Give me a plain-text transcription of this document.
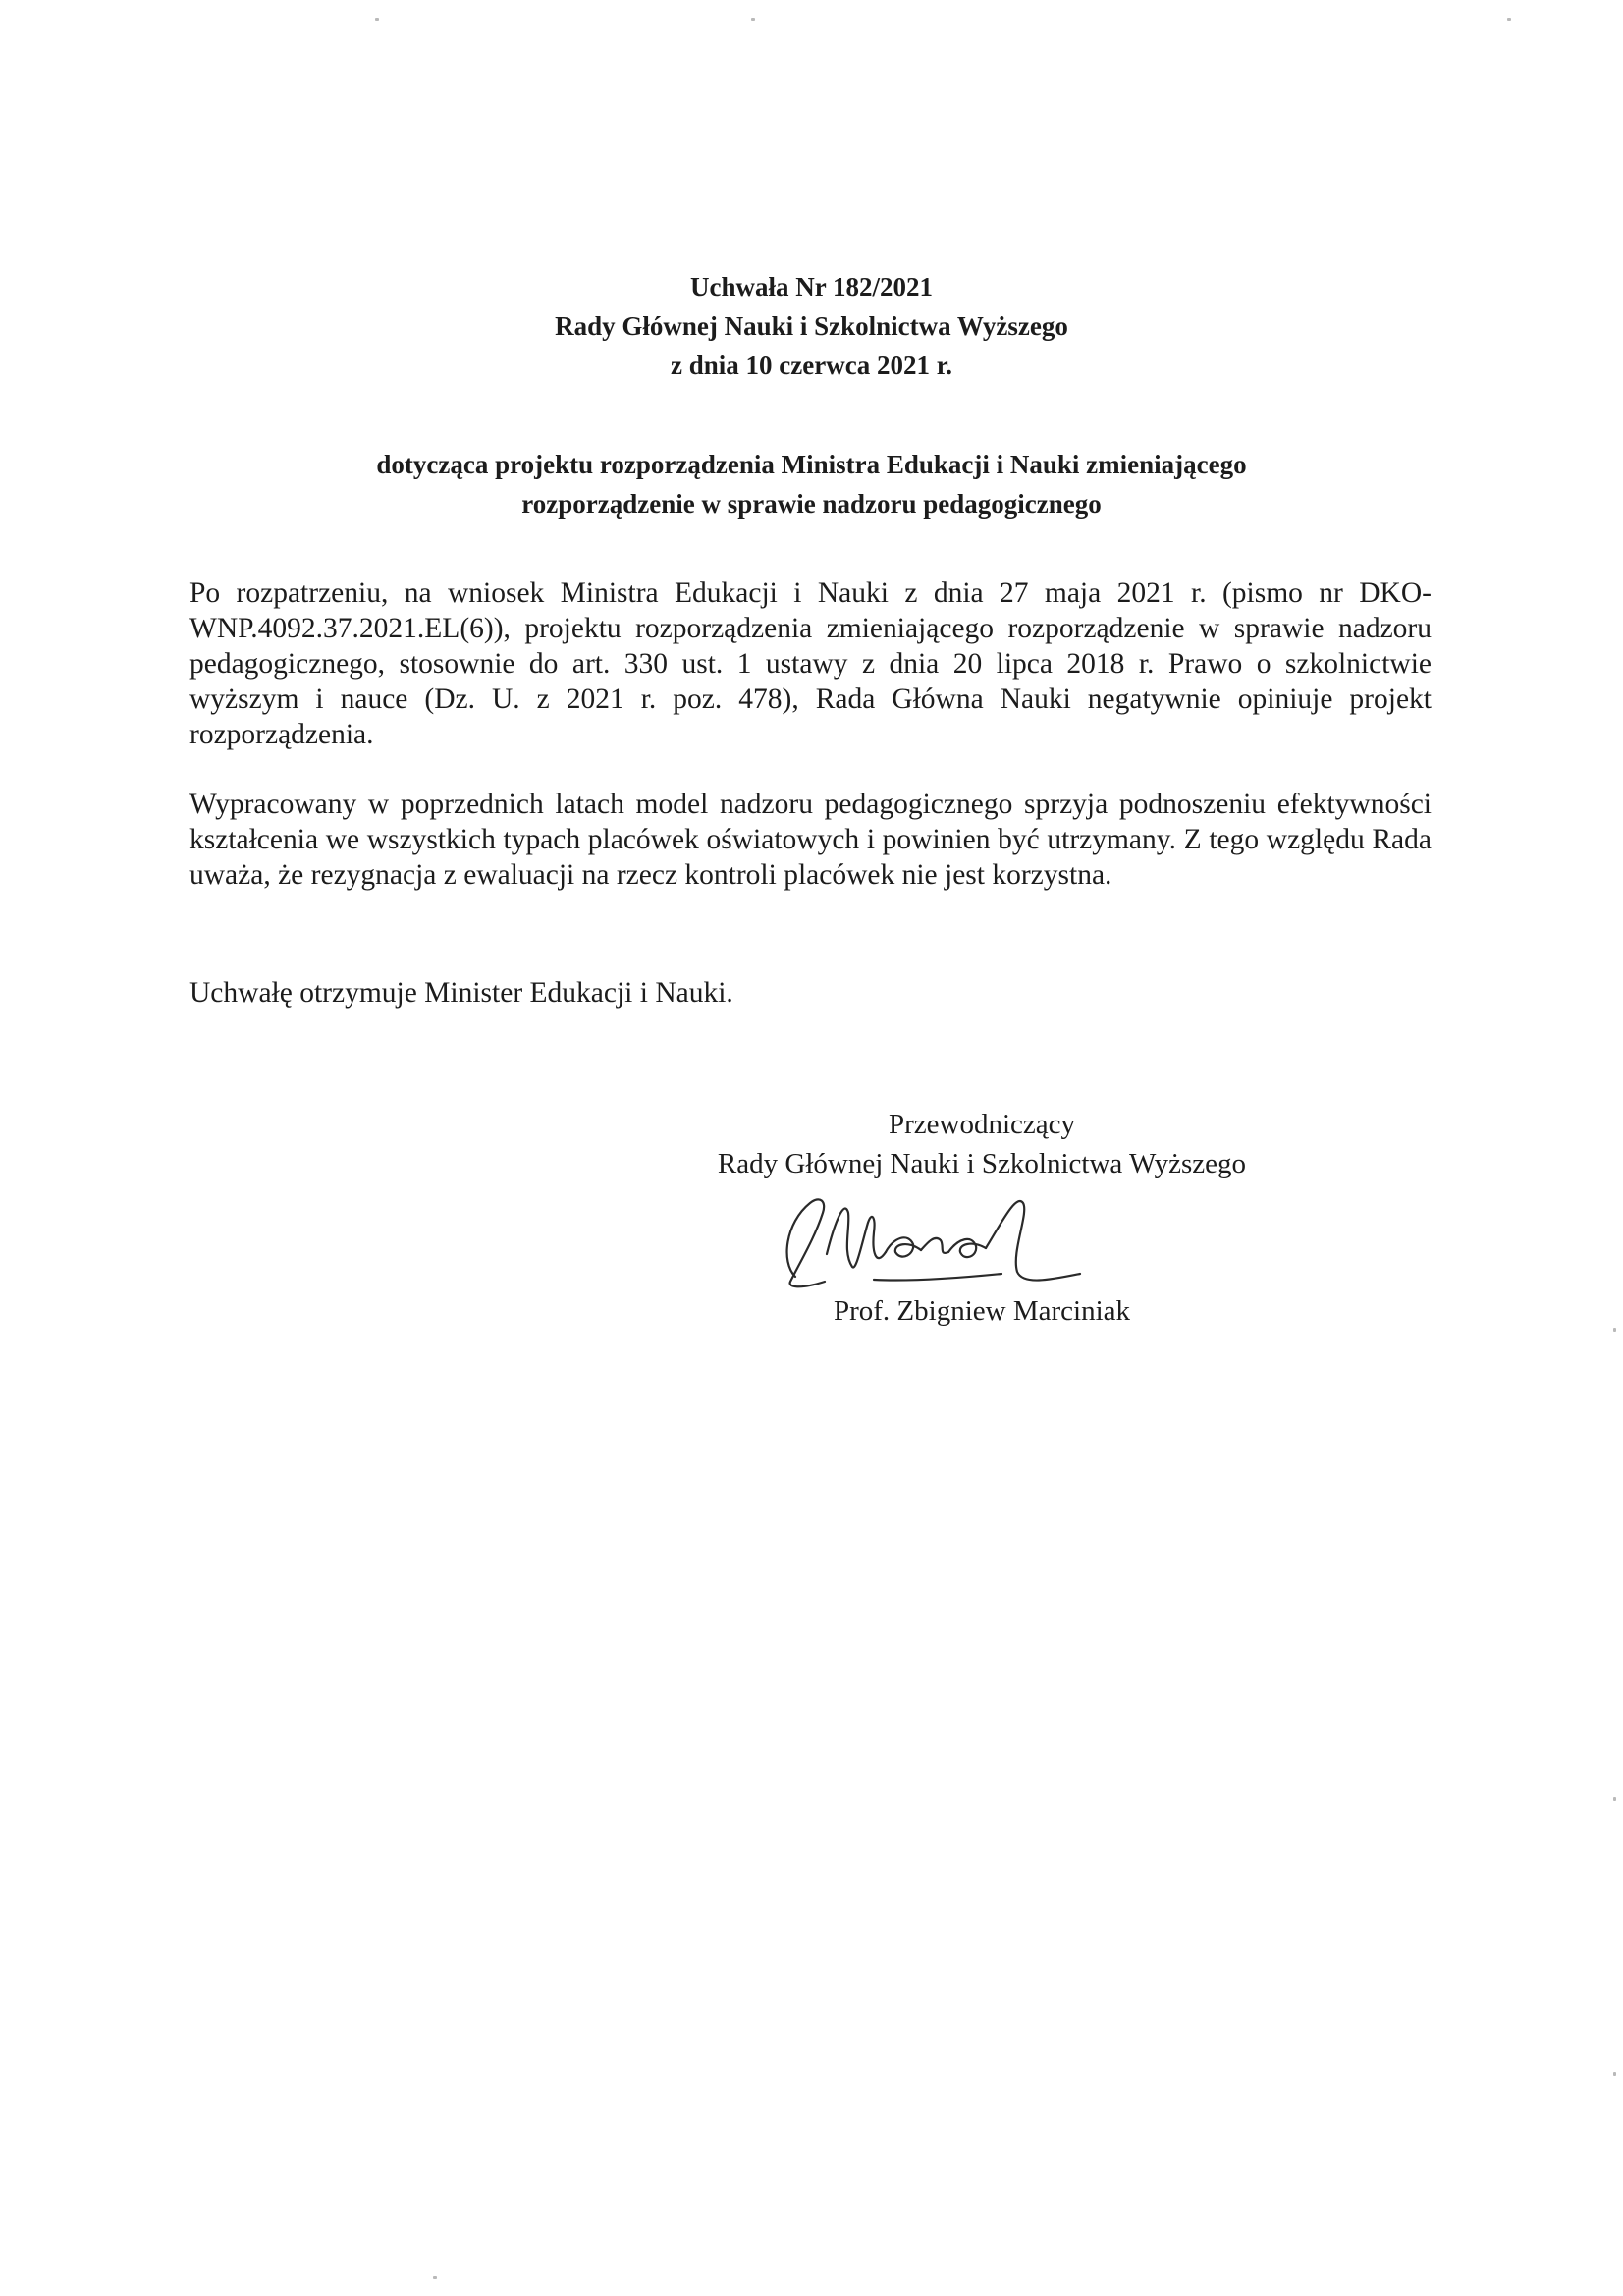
Uchwała Nr 182/2021
Rady Głównej Nauki i Szkolnictwa Wyższego
z dnia 10 czerwca 2021 r.
dotycząca projektu rozporządzenia Ministra Edukacji i Nauki zmieniającego
rozporządzenie w sprawie nadzoru pedagogicznego

Po rozpatrzeniu, na wniosek Ministra Edukacji i Nauki z dnia 27 maja 2021 r. (pismo nr DKO-WNP.4092.37.2021.EL(6)), projektu rozporządzenia zmieniającego rozporządzenie w sprawie nadzoru pedagogicznego, stosownie do art. 330 ust. 1 ustawy z dnia 20 lipca 2018 r. Prawo o szkolnictwie wyższym i nauce (Dz. U. z 2021 r. poz. 478), Rada Główna Nauki negatywnie opiniuje projekt rozporządzenia.

Wypracowany w poprzednich latach model nadzoru pedagogicznego sprzyja podnoszeniu efektywności kształcenia we wszystkich typach placówek oświatowych i powinien być utrzymany. Z tego względu Rada uważa, że rezygnacja z ewaluacji na rzecz kontroli placówek nie jest korzystna.

Uchwałę otrzymuje Minister Edukacji i Nauki.

Przewodniczący
Rady Głównej Nauki i Szkolnictwa Wyższego
Prof. Zbigniew Marciniak
